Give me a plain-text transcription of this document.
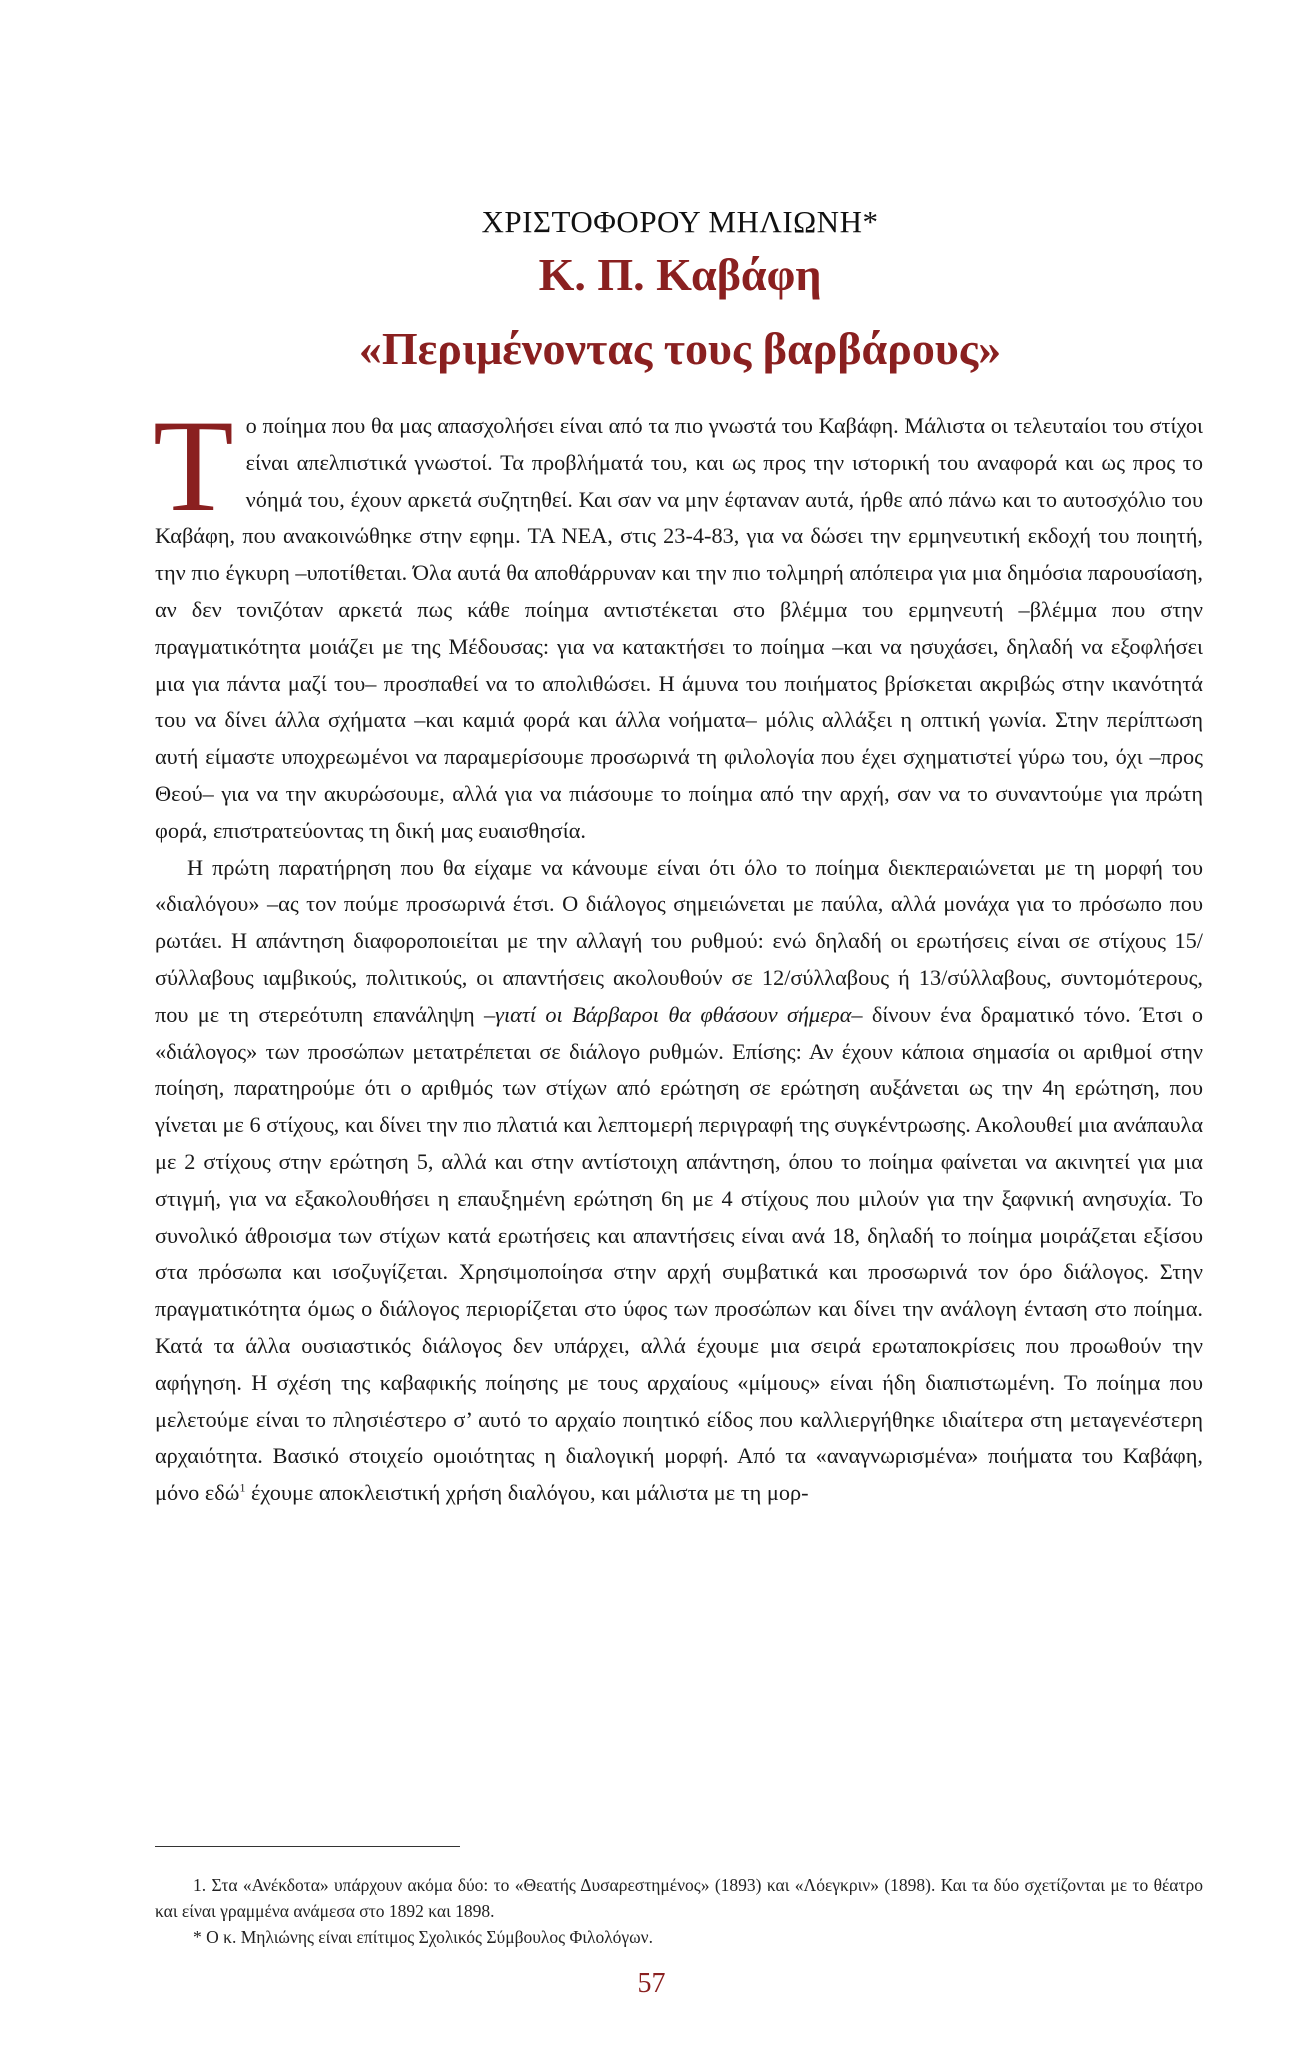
ΧΡΙΣΤΟΦΟΡΟΥ ΜΗΛΙΩΝΗ*

Κ. Π. Καβάφη

«Περιμένοντας τους βαρβάρους»

Το ποίημα που θα μας απασχολήσει είναι από τα πιο γνωστά του Καβάφη. Μάλιστα οι τελευταίοι του στίχοι είναι απελπιστικά γνωστοί. Τα προβλήματά του, και ως προς την ιστορική του αναφορά και ως προς το νόημά του, έχουν αρκετά συζητηθεί. Και σαν να μην έφταναν αυτά, ήρθε από πάνω και το αυτοσχόλιο του Καβάφη, που ανακοινώθηκε στην εφημ. ΤΑ ΝΕΑ, στις 23-4-83, για να δώσει την ερμηνευτική εκδοχή του ποιητή, την πιο έγκυρη –υποτίθεται. Όλα αυτά θα αποθάρρυναν και την πιο τολμηρή απόπειρα για μια δημόσια παρουσίαση, αν δεν τονιζόταν αρκετά πως κάθε ποίημα αντιστέκεται στο βλέμμα του ερμηνευτή –βλέμμα που στην πραγματικότητα μοιάζει με της Μέδουσας: για να κατακτήσει το ποίημα –και να ησυχάσει, δηλαδή να εξοφλήσει μια για πάντα μαζί του– προσπαθεί να το απολιθώσει. Η άμυνα του ποιήματος βρίσκεται ακριβώς στην ικανότητά του να δίνει άλλα σχήματα –και καμιά φορά και άλλα νοήματα– μόλις αλλάξει η οπτική γωνία. Στην περίπτωση αυτή είμαστε υποχρεωμένοι να παραμερίσουμε προσωρινά τη φιλολογία που έχει σχηματιστεί γύρω του, όχι –προς Θεού– για να την ακυρώσουμε, αλλά για να πιάσουμε το ποίημα από την αρχή, σαν να το συναντούμε για πρώτη φορά, επιστρατεύοντας τη δική μας ευαισθησία.

Η πρώτη παρατήρηση που θα είχαμε να κάνουμε είναι ότι όλο το ποίημα διεκπεραιώνεται με τη μορφή του «διαλόγου» –ας τον πούμε προσωρινά έτσι. Ο διάλογος σημειώνεται με παύλα, αλλά μονάχα για το πρόσωπο που ρωτάει. Η απάντηση διαφοροποιείται με την αλλαγή του ρυθμού: ενώ δηλαδή οι ερωτήσεις είναι σε στίχους 15/σύλλαβους ιαμβικούς, πολιτικούς, οι απαντήσεις ακολουθούν σε 12/σύλλαβους ή 13/σύλλαβους, συντομότερους, που με τη στερεότυπη επανάληψη –γιατί οι Βάρβαροι θα φθάσουν σήμερα– δίνουν ένα δραματικό τόνο. Έτσι ο «διάλογος» των προσώπων μετατρέπεται σε διάλογο ρυθμών. Επίσης: Αν έχουν κάποια σημασία οι αριθμοί στην ποίηση, παρατηρούμε ότι ο αριθμός των στίχων από ερώτηση σε ερώτηση αυξάνεται ως την 4η ερώτηση, που γίνεται με 6 στίχους, και δίνει την πιο πλατιά και λεπτομερή περιγραφή της συγκέντρωσης. Ακολουθεί μια ανάπαυλα με 2 στίχους στην ερώτηση 5, αλλά και στην αντίστοιχη απάντηση, όπου το ποίημα φαίνεται να ακινητεί για μια στιγμή, για να εξακολουθήσει η επαυξημένη ερώτηση 6η με 4 στίχους που μιλούν για την ξαφνική ανησυχία. Το συνολικό άθροισμα των στίχων κατά ερωτήσεις και απαντήσεις είναι ανά 18, δηλαδή το ποίημα μοιράζεται εξίσου στα πρόσωπα και ισοζυγίζεται. Χρησιμοποίησα στην αρχή συμβατικά και προσωρινά τον όρο διάλογος. Στην πραγματικότητα όμως ο διάλογος περιορίζεται στο ύφος των προσώπων και δίνει την ανάλογη ένταση στο ποίημα. Κατά τα άλλα ουσιαστικός διάλογος δεν υπάρχει, αλλά έχουμε μια σειρά ερωταποκρίσεις που προωθούν την αφήγηση. Η σχέση της καβαφικής ποίησης με τους αρχαίους «μίμους» είναι ήδη διαπιστωμένη. Το ποίημα που μελετούμε είναι το πλησιέστερο σ’ αυτό το αρχαίο ποιητικό είδος που καλλιεργήθηκε ιδιαίτερα στη μεταγενέστερη αρχαιότητα. Βασικό στοιχείο ομοιότητας η διαλογική μορφή. Από τα «αναγνωρισμένα» ποιήματα του Καβάφη, μόνο εδώ$^1$ έχουμε αποκλειστική χρήση διαλόγου, και μάλιστα με τη μορ-

1. Στα «Ανέκδοτα» υπάρχουν ακόμα δύο: το «Θεατής Δυσαρεστημένος» (1893) και «Λόεγκριν» (1898). Και τα δύο σχετίζονται με το θέατρο και είναι γραμμένα ανάμεσα στο 1892 και 1898.

* Ο κ. Μηλιώνης είναι επίτιμος Σχολικός Σύμβουλος Φιλολόγων.

57
